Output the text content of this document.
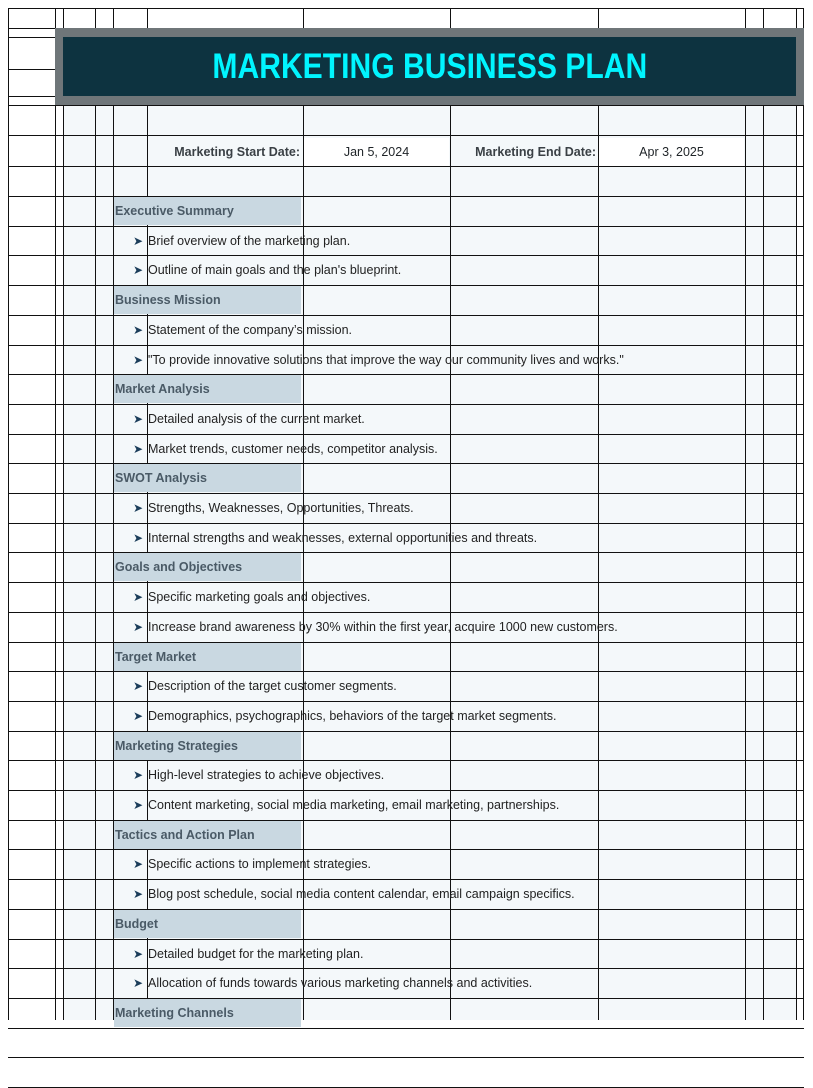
MARKETING BUSINESS PLAN
Marketing Start Date:	Jan 5, 2024	Marketing End Date:	Apr 3, 2025
Executive Summary
➤ Brief overview of the marketing plan.
➤ Outline of main goals and the plan's blueprint.
Business Mission
➤ Statement of the company’s mission.
➤ "To provide innovative solutions that improve the way our community lives and works."
Market Analysis
➤ Detailed analysis of the current market.
➤ Market trends, customer needs, competitor analysis.
SWOT Analysis
➤ Strengths, Weaknesses, Opportunities, Threats.
➤ Internal strengths and weaknesses, external opportunities and threats.
Goals and Objectives
➤ Specific marketing goals and objectives.
➤ Increase brand awareness by 30% within the first year, acquire 1000 new customers.
Target Market
➤ Description of the target customer segments.
➤ Demographics, psychographics, behaviors of the target market segments.
Marketing Strategies
➤ High-level strategies to achieve objectives.
➤ Content marketing, social media marketing, email marketing, partnerships.
Tactics and Action Plan
➤ Specific actions to implement strategies.
➤ Blog post schedule, social media content calendar, email campaign specifics.
Budget
➤ Detailed budget for the marketing plan.
➤ Allocation of funds towards various marketing channels and activities.
Marketing Channels
